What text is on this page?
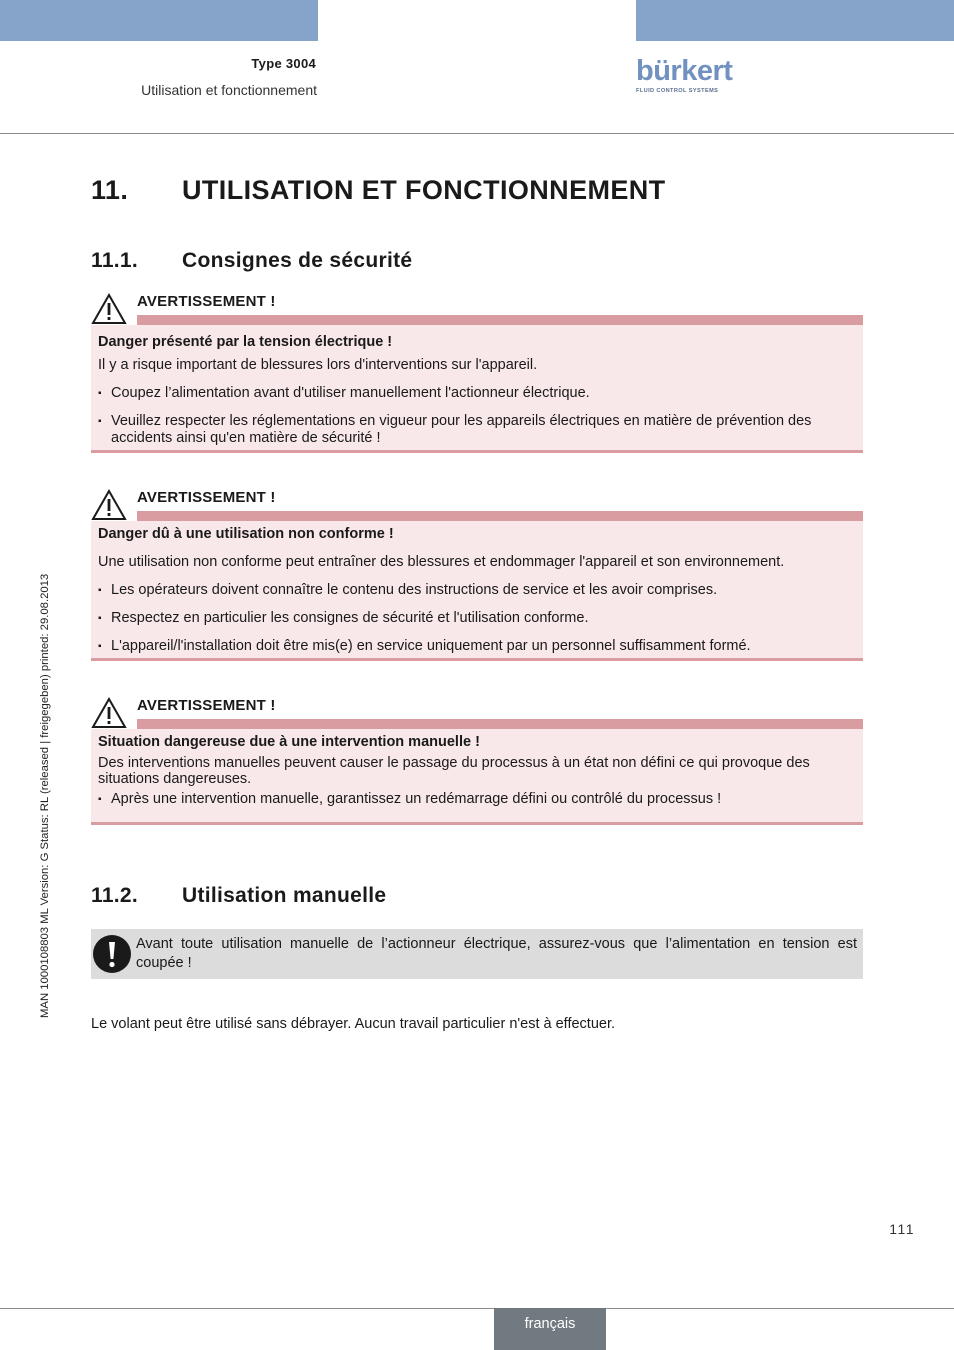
Type 3004
Utilisation et fonctionnement
bürkert
FLUID CONTROL SYSTEMS
11. UTILISATION ET FONCTIONNEMENT
11.1. Consignes de sécurité
AVERTISSEMENT !
Danger présenté par la tension électrique !
Il y a risque important de blessures lors d'interventions sur l'appareil.
▪ Coupez l’alimentation avant d'utiliser manuellement l'actionneur électrique.
▪ Veuillez respecter les réglementations en vigueur pour les appareils électriques en matière de prévention des accidents ainsi qu'en matière de sécurité !
AVERTISSEMENT !
Danger dû à une utilisation non conforme !
Une utilisation non conforme peut entraîner des blessures et endommager l'appareil et son environnement.
▪ Les opérateurs doivent connaître le contenu des instructions de service et les avoir comprises.
▪ Respectez en particulier les consignes de sécurité et l'utilisation conforme.
▪ L'appareil/l'installation doit être mis(e) en service uniquement par un personnel suffisamment formé.
AVERTISSEMENT !
Situation dangereuse due à une intervention manuelle !
Des interventions manuelles peuvent causer le passage du processus à un état non défini ce qui provoque des situations dangereuses.
▪ Après une intervention manuelle, garantissez un redémarrage défini ou contrôlé du processus !
11.2. Utilisation manuelle
Avant toute utilisation manuelle de l’actionneur électrique, assurez-vous que l’alimentation en tension est coupée !
Le volant peut être utilisé sans débrayer. Aucun travail particulier n'est à effectuer.
MAN 1000108803 ML Version: G Status: RL (released | freigegeben) printed: 29.08.2013
111
français
